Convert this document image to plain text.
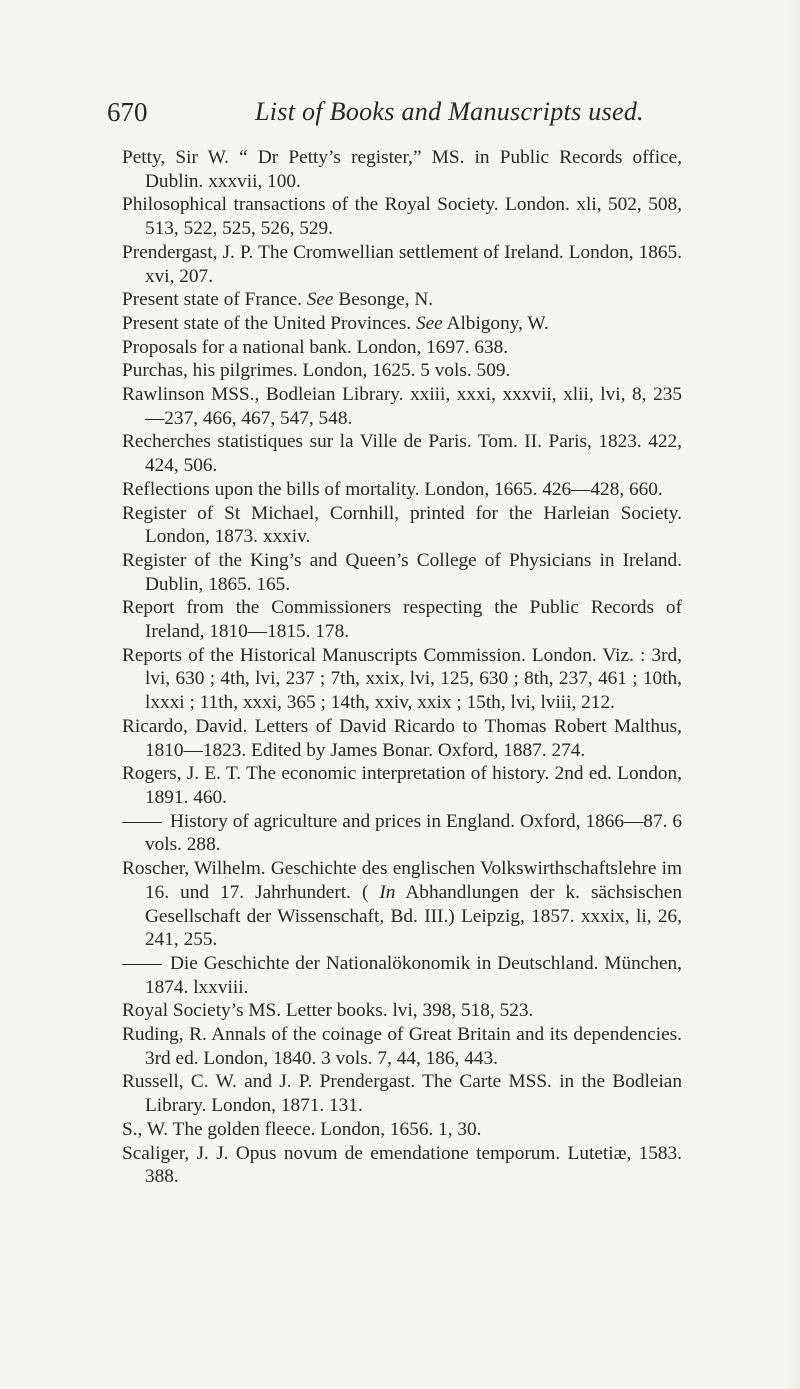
670	List of Books and Manuscripts used.
Petty, Sir W. “ Dr Petty’s register,” MS. in Public Records office, Dublin. xxxvii, 100.
Philosophical transactions of the Royal Society. London. xli, 502, 508, 513, 522, 525, 526, 529.
Prendergast, J. P. The Cromwellian settlement of Ireland. London, 1865. xvi, 207.
Present state of France. See Besonge, N.
Present state of the United Provinces. See Albigony, W.
Proposals for a national bank. London, 1697. 638.
Purchas, his pilgrimes. London, 1625. 5 vols. 509.
Rawlinson MSS., Bodleian Library. xxiii, xxxi, xxxvii, xlii, lvi, 8, 235—237, 466, 467, 547, 548.
Recherches statistiques sur la Ville de Paris. Tom. II. Paris, 1823. 422, 424, 506.
Reflections upon the bills of mortality. London, 1665. 426—428, 660.
Register of St Michael, Cornhill, printed for the Harleian Society. London, 1873. xxxiv.
Register of the King’s and Queen’s College of Physicians in Ireland. Dublin, 1865. 165.
Report from the Commissioners respecting the Public Records of Ireland, 1810—1815. 178.
Reports of the Historical Manuscripts Commission. London. Viz. : 3rd, lvi, 630 ; 4th, lvi, 237 ; 7th, xxix, lvi, 125, 630 ; 8th, 237, 461 ; 10th, lxxxi ; 11th, xxxi, 365 ; 14th, xxiv, xxix ; 15th, lvi, lviii, 212.
Ricardo, David. Letters of David Ricardo to Thomas Robert Malthus, 1810—1823. Edited by James Bonar. Oxford, 1887. 274.
Rogers, J. E. T. The economic interpretation of history. 2nd ed. London, 1891. 460.
History of agriculture and prices in England. Oxford, 1866—87. 6 vols. 288.
Roscher, Wilhelm. Geschichte des englischen Volkswirthschaftslehre im 16. und 17. Jahrhundert. ( In Abhandlungen der k. sächsischen Gesellschaft der Wissenschaft, Bd. III.) Leipzig, 1857. xxxix, li, 26, 241, 255.
Die Geschichte der Nationalökonomik in Deutschland. München, 1874. lxxviii.
Royal Society’s MS. Letter books. lvi, 398, 518, 523.
Ruding, R. Annals of the coinage of Great Britain and its dependencies. 3rd ed. London, 1840. 3 vols. 7, 44, 186, 443.
Russell, C. W. and J. P. Prendergast. The Carte MSS. in the Bodleian Library. London, 1871. 131.
S., W. The golden fleece. London, 1656. 1, 30.
Scaliger, J. J. Opus novum de emendatione temporum. Lutetiæ, 1583. 388.
